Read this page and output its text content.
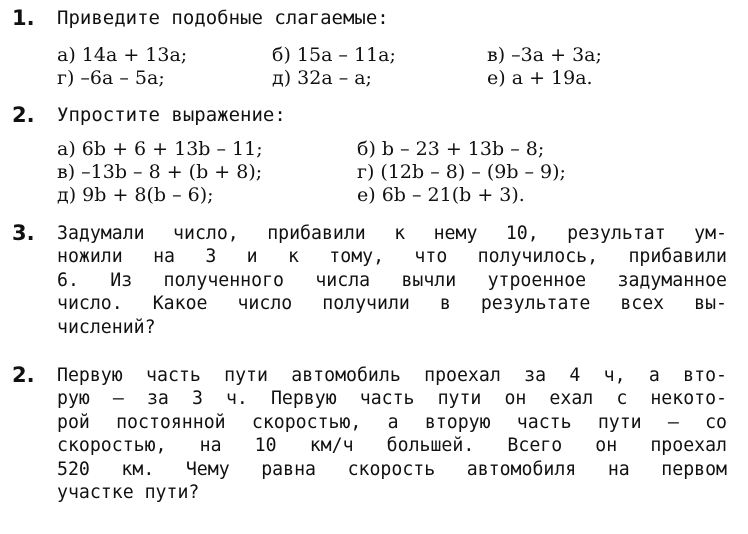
1. Приведите подобные слагаемые:
а) 14a + 13a;	б) 15a – 11a;	в) –3a + 3a;
г) –6a – 5a;	д) 32a – a;	е) a + 19a.
2. Упростите выражение:
а) 6b + 6 + 13b – 11;	б) b – 23 + 13b – 8;
в) –13b – 8 + (b + 8);	г) (12b – 8) – (9b – 9);
д) 9b + 8(b – 6);	е) 6b – 21(b + 3).
3. Задумали число, прибавили к нему 10, результат ум-
ножили на 3 и к тому, что получилось, прибавили
6. Из полученного числа вычли утроенное задуманное
число. Какое число получили в результате всех вы-
числений?
2. Первую часть пути автомобиль проехал за 4 ч, а вто-
рую — за 3 ч. Первую часть пути он ехал с некото-
рой постоянной скоростью, а вторую часть пути — со
скоростью, на 10 км/ч большей. Всего он проехал
520 км. Чему равна скорость автомобиля на первом
участке пути?
